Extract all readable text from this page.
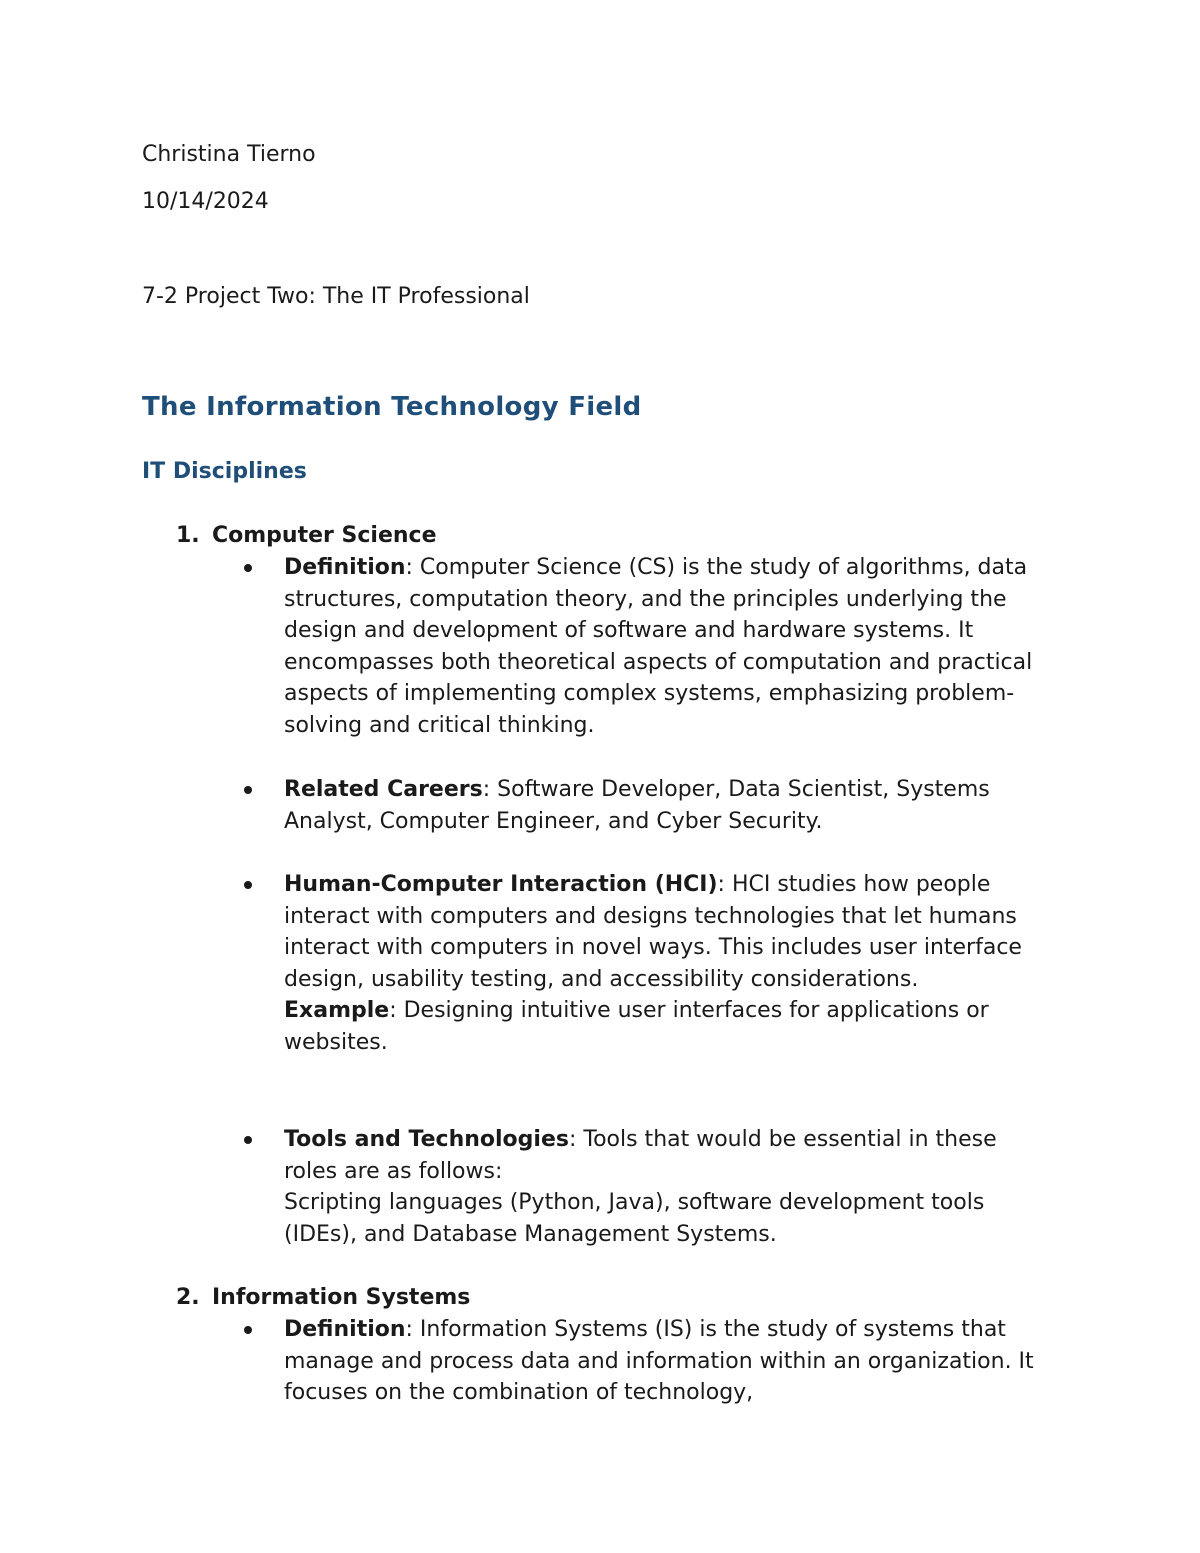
Christina Tierno
10/14/2024
7-2 Project Two: The IT Professional
The Information Technology Field
IT Disciplines
1. Computer Science
Definition: Computer Science (CS) is the study of algorithms, data structures, computation theory, and the principles underlying the design and development of software and hardware systems. It encompasses both theoretical aspects of computation and practical aspects of implementing complex systems, emphasizing problem-solving and critical thinking.
Related Careers: Software Developer, Data Scientist, Systems Analyst, Computer Engineer, and Cyber Security.
Human-Computer Interaction (HCI): HCI studies how people interact with computers and designs technologies that let humans interact with computers in novel ways. This includes user interface design, usability testing, and accessibility considerations.
Example: Designing intuitive user interfaces for applications or websites.
Tools and Technologies: Tools that would be essential in these roles are as follows:
Scripting languages (Python, Java), software development tools (IDEs), and Database Management Systems.
2. Information Systems
Definition: Information Systems (IS) is the study of systems that manage and process data and information within an organization. It focuses on the combination of technology,
